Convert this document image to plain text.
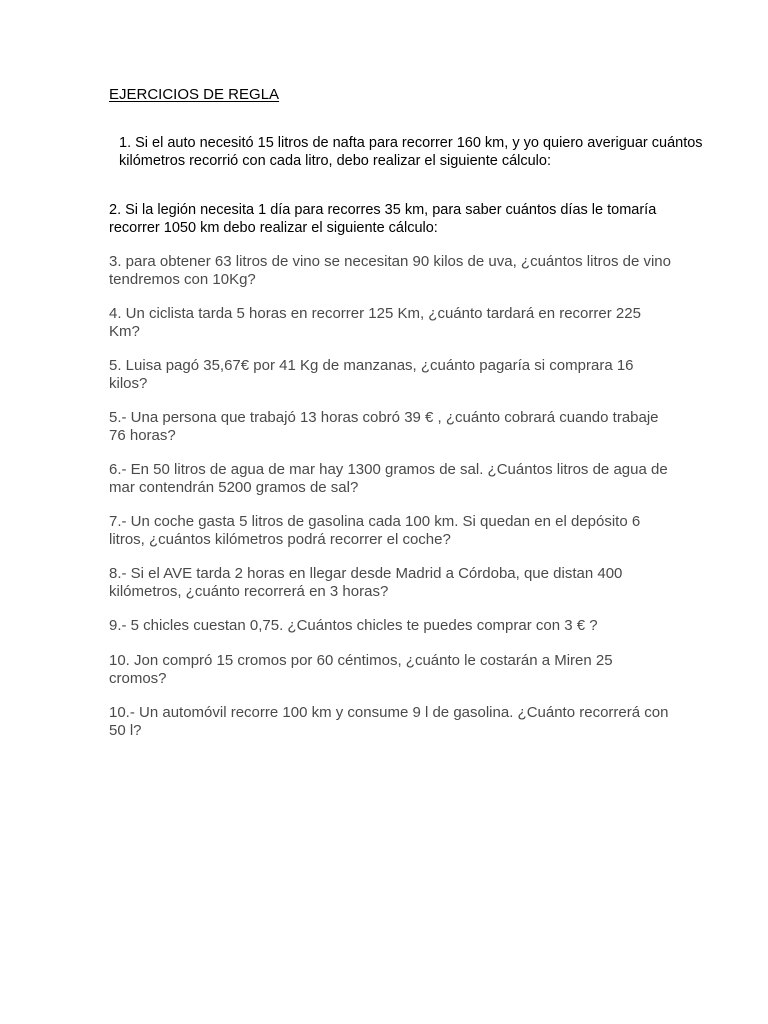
EJERCICIOS DE REGLA

1. Si el auto necesitó 15 litros de nafta para recorrer 160 km, y yo quiero averiguar cuántos kilómetros recorrió con cada litro, debo realizar el siguiente cálculo:

2. Si la legión necesita 1 día para recorres 35 km, para saber cuántos días le tomaría recorrer 1050 km debo realizar el siguiente cálculo:

3. para obtener 63 litros de vino se necesitan 90 kilos de uva, ¿cuántos litros de vino tendremos con 10Kg?

4. Un ciclista tarda 5 horas en recorrer 125 Km, ¿cuánto tardará en recorrer 225 Km?

5. Luisa pagó 35,67€ por 41 Kg de manzanas, ¿cuánto pagaría si comprara 16 kilos?

5.- Una persona que trabajó 13 horas cobró 39 € , ¿cuánto cobrará cuando trabaje 76 horas?

6.- En 50 litros de agua de mar hay 1300 gramos de sal. ¿Cuántos litros de agua de mar contendrán 5200 gramos de sal?

7.- Un coche gasta 5 litros de gasolina cada 100 km. Si quedan en el depósito 6 litros, ¿cuántos kilómetros podrá recorrer el coche?

8.- Si el AVE tarda 2 horas en llegar desde Madrid a Córdoba, que distan 400 kilómetros, ¿cuánto recorrerá en 3 horas?

9.- 5 chicles cuestan 0,75. ¿Cuántos chicles te puedes comprar con 3 € ?

10. Jon compró 15 cromos por 60 céntimos, ¿cuánto le costarán a Miren 25 cromos?

10.- Un automóvil recorre 100 km y consume 9 l de gasolina. ¿Cuánto recorrerá con 50 l?
